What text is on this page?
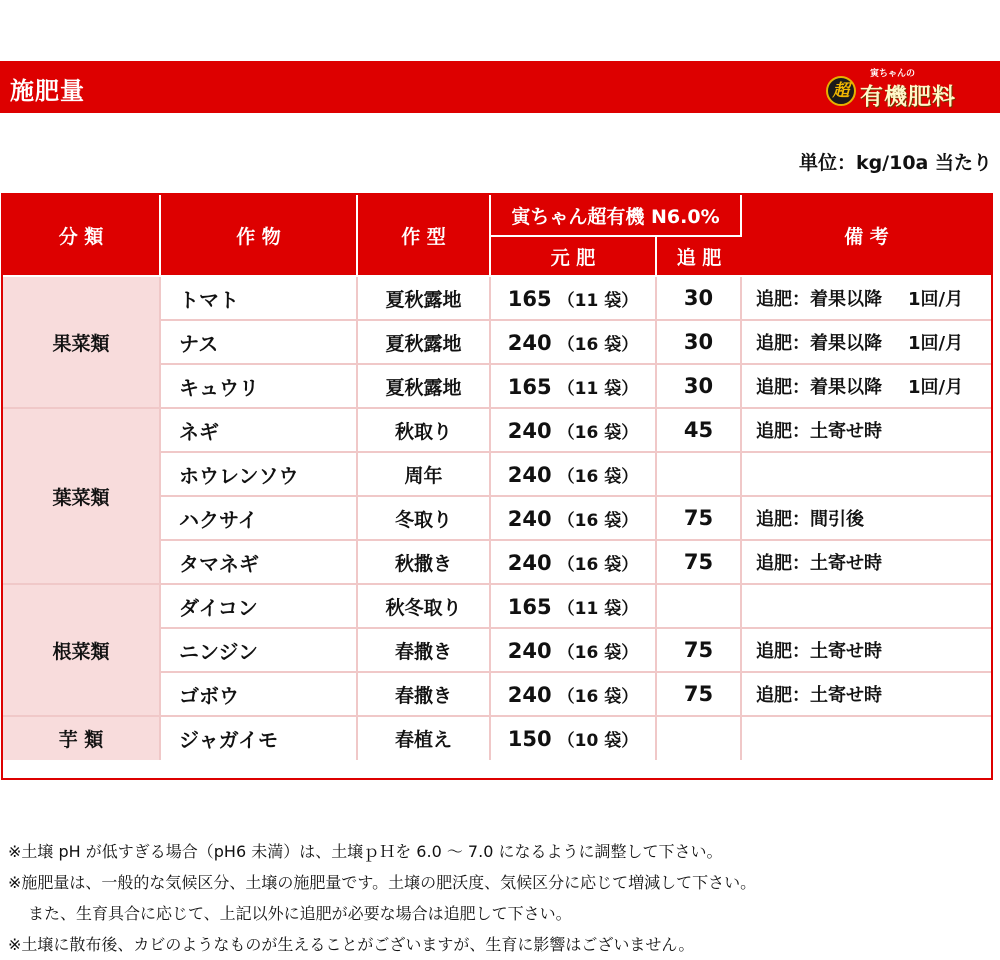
施肥量
寅ちゃんの
超 有機肥料
単位：kg/10a 当たり
分 類	作 物	作 型	寅ちゃん超有機 N6.0%		備 考
			元 肥	追 肥	
果菜類	トマト	夏秋露地	165 （11 袋）	30	追肥：着果以降 1回/月
	ナス	夏秋露地	240 （16 袋）	30	追肥：着果以降 1回/月
	キュウリ	夏秋露地	165 （11 袋）	30	追肥：着果以降 1回/月
葉菜類	ネギ	秋取り	240 （16 袋）	45	追肥：土寄せ時
	ホウレンソウ	周年	240 （16 袋）		
	ハクサイ	冬取り	240 （16 袋）	75	追肥：間引後
	タマネギ	秋撒き	240 （16 袋）	75	追肥：土寄せ時
根菜類	ダイコン	秋冬取り	165 （11 袋）		
	ニンジン	春撒き	240 （16 袋）	75	追肥：土寄せ時
	ゴボウ	春撒き	240 （16 袋）	75	追肥：土寄せ時
芋 類	ジャガイモ	春植え	150 （10 袋）		
※土壌 pH が低すぎる場合（pH6 未満）は、土壌ｐＨを 6.0 ～ 7.0 になるように調整して下さい。
※施肥量は、一般的な気候区分、土壌の施肥量です。土壌の肥沃度、気候区分に応じて増減して下さい。
また、生育具合に応じて、上記以外に追肥が必要な場合は追肥して下さい。
※土壌に散布後、カビのようなものが生えることがございますが、生育に影響はございません。
